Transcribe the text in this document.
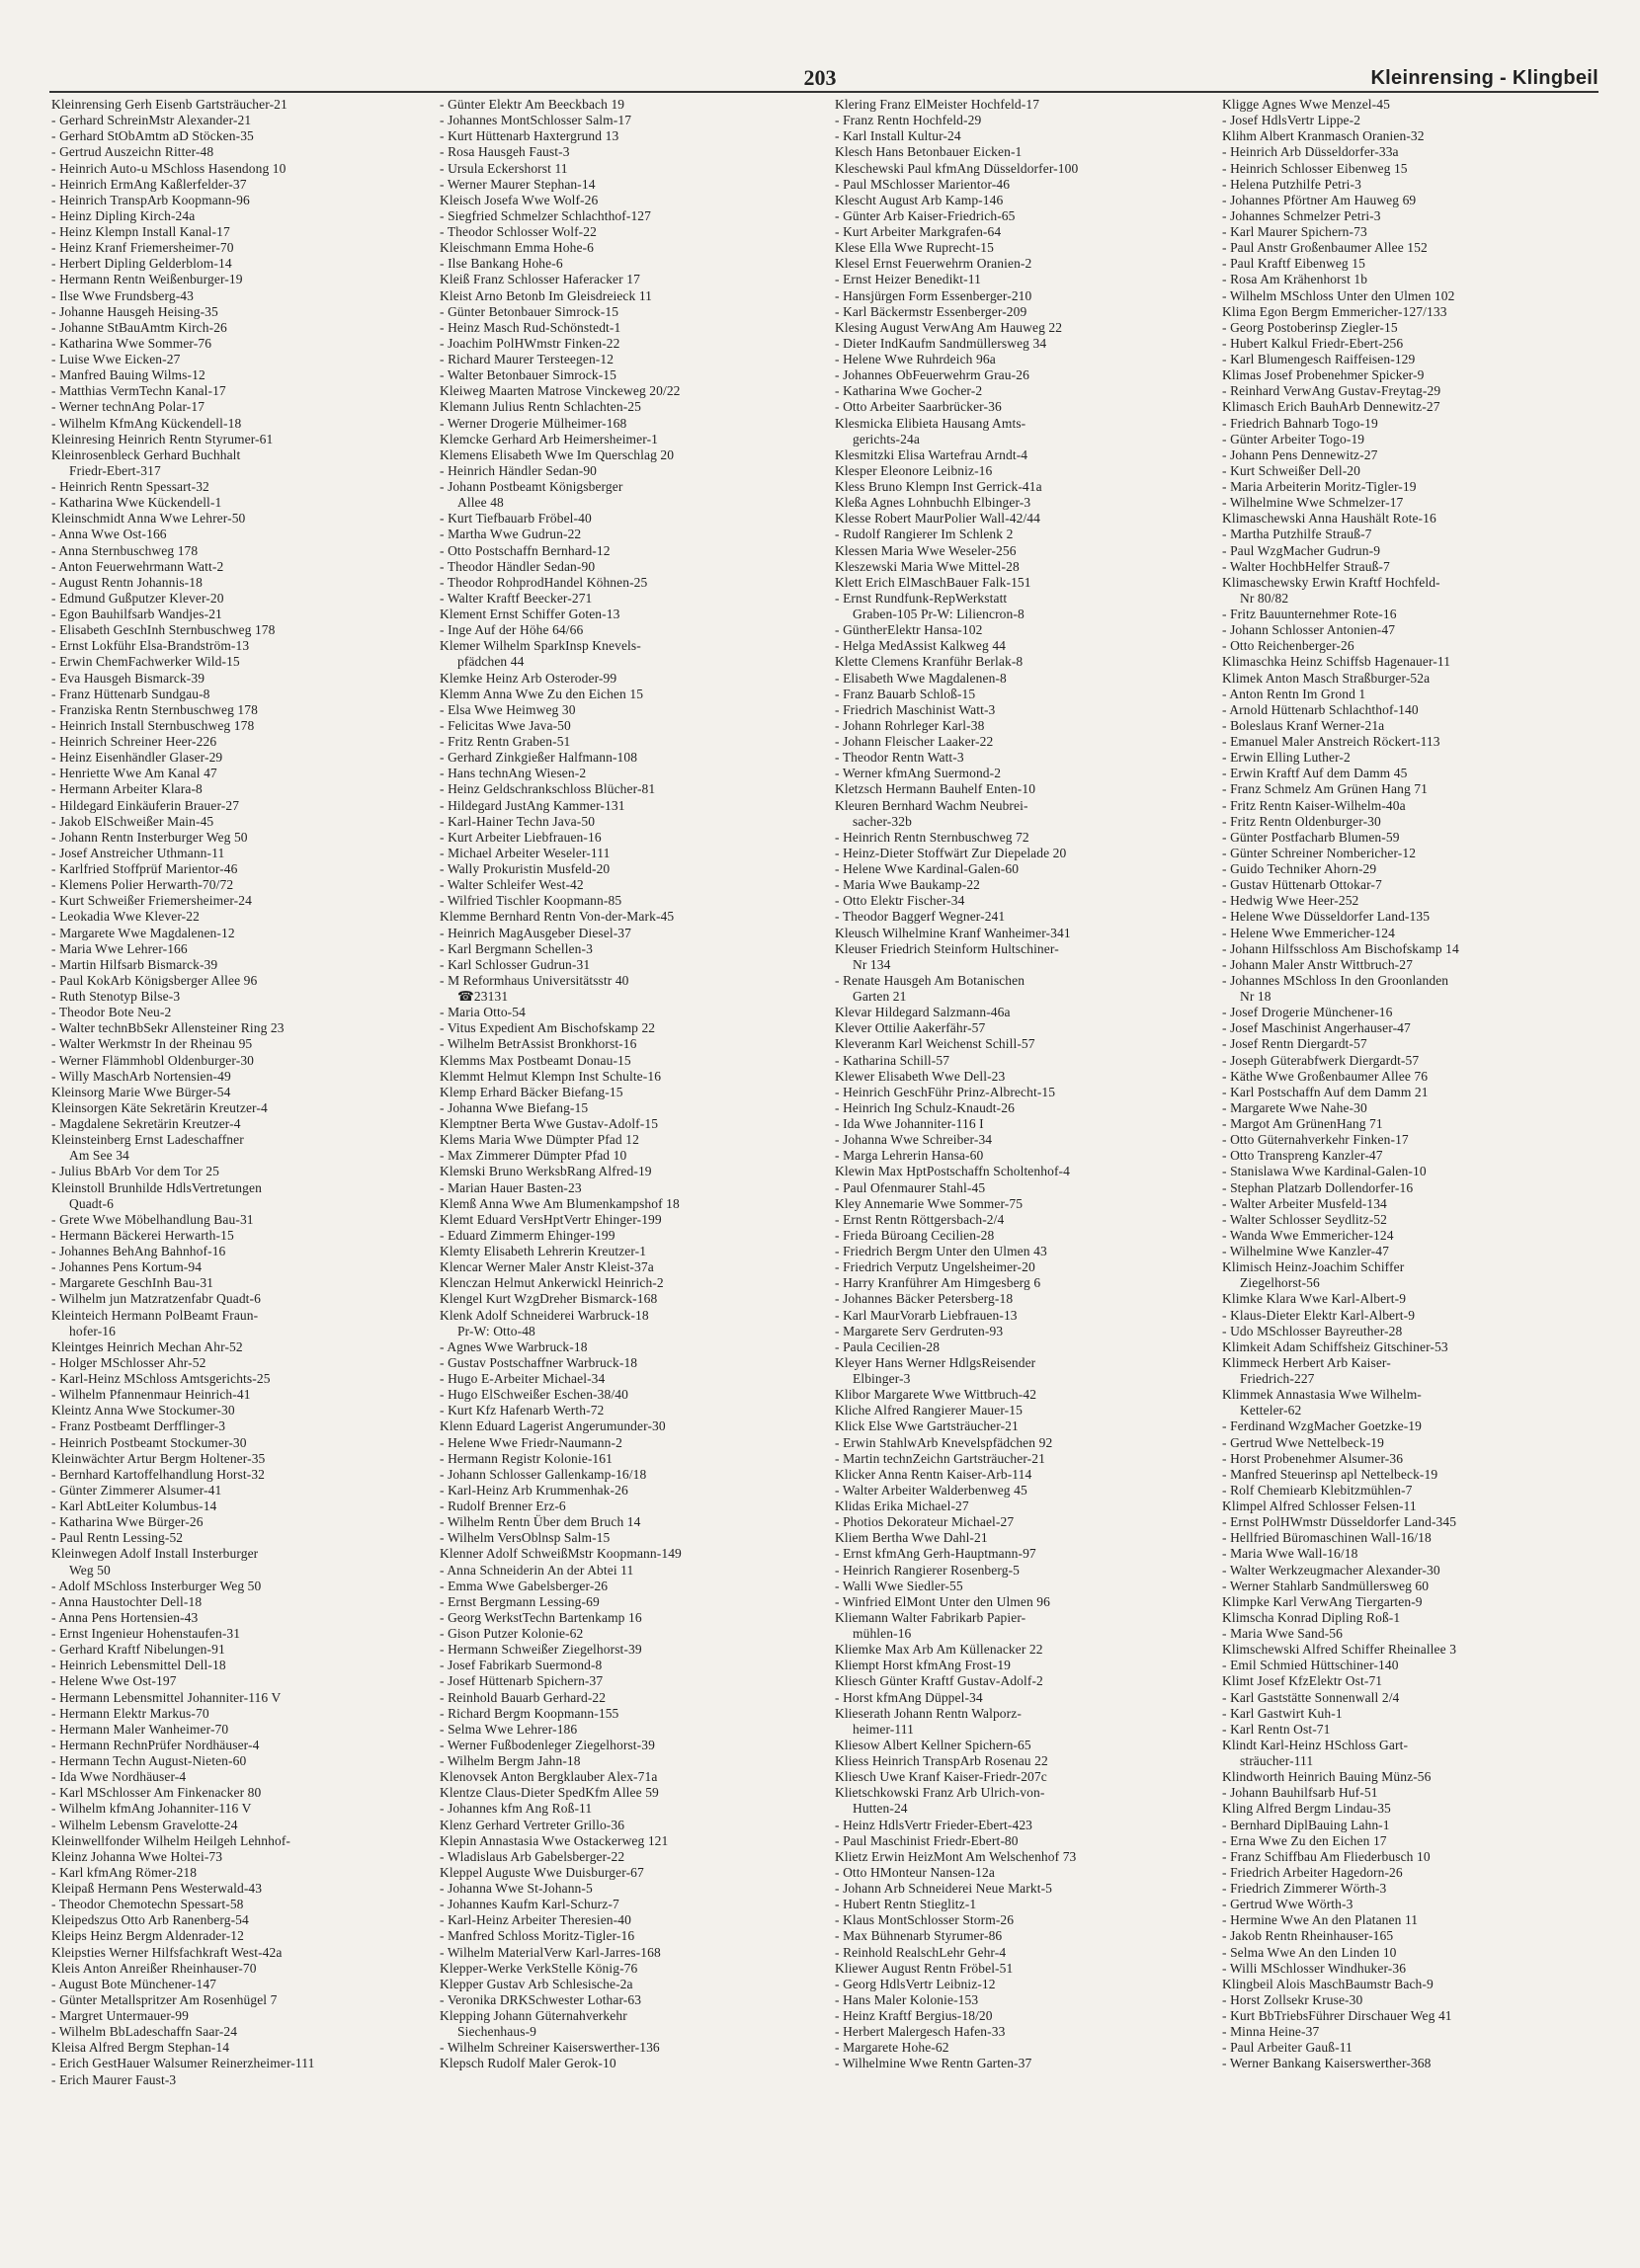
203	Kleinrensing - Klingbeil
Kleinrensing Gerh Eisenb Gartsträucher-21
- Gerhard SchreinMstr Alexander-21
- Gerhard StObAmtm aD Stöcken-35
- Gertrud Auszeichn Ritter-48
- Heinrich Auto-u MSchloss Hasendong 10
- Heinrich ErmAng Kaßlerfelder-37
- Heinrich TranspArb Koopmann-96
- Heinz Dipling Kirch-24a
- Heinz Klempn Install Kanal-17
- Heinz Kranf Friemersheimer-70
- Herbert Dipling Gelderblom-14
- Hermann Rentn Weißenburger-19
- Ilse Wwe Frundsberg-43
- Johanne Hausgeh Heising-35
- Johanne StBauAmtm Kirch-26
- Katharina Wwe Sommer-76
- Luise Wwe Eicken-27
- Manfred Bauing Wilms-12
- Matthias VermTechn Kanal-17
- Werner technAng Polar-17
- Wilhelm KfmAng Kückendell-18
Kleinresing Heinrich Rentn Styrumer-61
Kleinrosenbleck Gerhard Buchhalt
Friedr-Ebert-317
- Heinrich Rentn Spessart-32
- Katharina Wwe Kückendell-1
Kleinschmidt Anna Wwe Lehrer-50
- Anna Wwe Ost-166
- Anna Sternbuschweg 178
- Anton Feuerwehrmann Watt-2
- August Rentn Johannis-18
- Edmund Gußputzer Klever-20
- Egon Bauhilfsarb Wandjes-21
- Elisabeth GeschInh Sternbuschweg 178
- Ernst Lokführ Elsa-Brandström-13
- Erwin ChemFachwerker Wild-15
- Eva Hausgeh Bismarck-39
- Franz Hüttenarb Sundgau-8
- Franziska Rentn Sternbuschweg 178
- Heinrich Install Sternbuschweg 178
- Heinrich Schreiner Heer-226
- Heinz Eisenhändler Glaser-29
- Henriette Wwe Am Kanal 47
- Hermann Arbeiter Klara-8
- Hildegard Einkäuferin Brauer-27
- Jakob ElSchweißer Main-45
- Johann Rentn Insterburger Weg 50
- Josef Anstreicher Uthmann-11
- Karlfried Stoffprüf Marientor-46
- Klemens Polier Herwarth-70/72
- Kurt Schweißer Friemersheimer-24
- Leokadia Wwe Klever-22
- Margarete Wwe Magdalenen-12
- Maria Wwe Lehrer-166
- Martin Hilfsarb Bismarck-39
- Paul KokArb Königsberger Allee 96
- Ruth Stenotyp Bilse-3
- Theodor Bote Neu-2
- Walter technBbSekr Allensteiner Ring 23
- Walter Werkmstr In der Rheinau 95
- Werner Flämmhobl Oldenburger-30
- Willy MaschArb Nortensien-49
Kleinsorg Marie Wwe Bürger-54
Kleinsorgen Käte Sekretärin Kreutzer-4
- Magdalene Sekretärin Kreutzer-4
Kleinsteinberg Ernst Ladeschaffner
Am See 34
- Julius BbArb Vor dem Tor 25
Kleinstoll Brunhilde HdlsVertretungen
Quadt-6
- Grete Wwe Möbelhandlung Bau-31
- Hermann Bäckerei Herwarth-15
- Johannes BehAng Bahnhof-16
- Johannes Pens Kortum-94
- Margarete GeschInh Bau-31
- Wilhelm jun Matzratzenfabr Quadt-6
Kleinteich Hermann PolBeamt Fraun-
hofer-16
Kleintges Heinrich Mechan Ahr-52
- Holger MSchlosser Ahr-52
- Karl-Heinz MSchloss Amtsgerichts-25
- Wilhelm Pfannenmaur Heinrich-41
Kleintz Anna Wwe Stockumer-30
- Franz Postbeamt Derfflinger-3
- Heinrich Postbeamt Stockumer-30
Kleinwächter Artur Bergm Holtener-35
- Bernhard Kartoffelhandlung Horst-32
- Günter Zimmerer Alsumer-41
- Karl AbtLeiter Kolumbus-14
- Katharina Wwe Bürger-26
- Paul Rentn Lessing-52
Kleinwegen Adolf Install Insterburger
Weg 50
- Adolf MSchloss Insterburger Weg 50
- Anna Haustochter Dell-18
- Anna Pens Hortensien-43
- Ernst Ingenieur Hohenstaufen-31
- Gerhard Kraftf Nibelungen-91
- Heinrich Lebensmittel Dell-18
- Helene Wwe Ost-197
- Hermann Lebensmittel Johanniter-116 V
- Hermann Elektr Markus-70
- Hermann Maler Wanheimer-70
- Hermann RechnPrüfer Nordhäuser-4
- Hermann Techn August-Nieten-60
- Ida Wwe Nordhäuser-4
- Karl MSchlosser Am Finkenacker 80
- Wilhelm kfmAng Johanniter-116 V
- Wilhelm Lebensm Gravelotte-24
Kleinwellfonder Wilhelm Heilgeh Lehnhof-
Kleinz Johanna Wwe Holtei-73
- Karl kfmAng Römer-218
Kleipaß Hermann Pens Westerwald-43
- Theodor Chemotechn Spessart-58
Kleipedszus Otto Arb Ranenberg-54
Kleips Heinz Bergm Aldenrader-12
Kleipsties Werner Hilfsfachkraft West-42a
Kleis Anton Anreißer Rheinhauser-70
- August Bote Münchener-147
- Günter Metallspritzer Am Rosenhügel 7
- Margret Untermauer-99
- Wilhelm BbLadeschaffn Saar-24
Kleisa Alfred Bergm Stephan-14
- Erich GestHauer Walsumer Reinerzheimer-111
- Erich Maurer Faust-3
- Günter Elektr Am Beeckbach 19
- Johannes MontSchlosser Salm-17
- Kurt Hüttenarb Haxtergrund 13
- Rosa Hausgeh Faust-3
- Ursula Eckershorst 11
- Werner Maurer Stephan-14
Kleisch Josefa Wwe Wolf-26
- Siegfried Schmelzer Schlachthof-127
- Theodor Schlosser Wolf-22
Kleischmann Emma Hohe-6
- Ilse Bankang Hohe-6
Kleiß Franz Schlosser Haferacker 17
Kleist Arno Betonb Im Gleisdreieck 11
- Günter Betonbauer Simrock-15
- Heinz Masch Rud-Schönstedt-1
- Joachim PolHWmstr Finken-22
- Richard Maurer Tersteegen-12
- Walter Betonbauer Simrock-15
Kleiweg Maarten Matrose Vinckeweg 20/22
Klemann Julius Rentn Schlachten-25
- Werner Drogerie Mülheimer-168
Klemcke Gerhard Arb Heimersheimer-1
Klemens Elisabeth Wwe Im Querschlag 20
- Heinrich Händler Sedan-90
- Johann Postbeamt Königsberger
Allee 48
- Kurt Tiefbauarb Fröbel-40
- Martha Wwe Gudrun-22
- Otto Postschaffn Bernhard-12
- Theodor Händler Sedan-90
- Theodor RohprodHandel Köhnen-25
- Walter Kraftf Beecker-271
Klement Ernst Schiffer Goten-13
- Inge Auf der Höhe 64/66
Klemer Wilhelm SparkInsp Knevels-
pfädchen 44
Klemke Heinz Arb Osteroder-99
Klemm Anna Wwe Zu den Eichen 15
- Elsa Wwe Heimweg 30
- Felicitas Wwe Java-50
- Fritz Rentn Graben-51
- Gerhard Zinkgießer Halfmann-108
- Hans technAng Wiesen-2
- Heinz Geldschrankschloss Blücher-81
- Hildegard JustAng Kammer-131
- Karl-Hainer Techn Java-50
- Kurt Arbeiter Liebfrauen-16
- Michael Arbeiter Weseler-111
- Wally Prokuristin Musfeld-20
- Walter Schleifer West-42
- Wilfried Tischler Koopmann-85
Klemme Bernhard Rentn Von-der-Mark-45
- Heinrich MagAusgeber Diesel-37
- Karl Bergmann Schellen-3
- Karl Schlosser Gudrun-31
- M Reformhaus Universitätsstr 40
☎23131
- Maria Otto-54
- Vitus Expedient Am Bischofskamp 22
- Wilhelm BetrAssist Bronkhorst-16
Klemms Max Postbeamt Donau-15
Klemmt Helmut Klempn Inst Schulte-16
Klemp Erhard Bäcker Biefang-15
- Johanna Wwe Biefang-15
Klemptner Berta Wwe Gustav-Adolf-15
Klems Maria Wwe Dümpter Pfad 12
- Max Zimmerer Dümpter Pfad 10
Klemski Bruno WerksbRang Alfred-19
- Marian Hauer Basten-23
Klemß Anna Wwe Am Blumenkampshof 18
Klemt Eduard VersHptVertr Ehinger-199
- Eduard Zimmerm Ehinger-199
Klemty Elisabeth Lehrerin Kreutzer-1
Klencar Werner Maler Anstr Kleist-37a
Klenczan Helmut Ankerwickl Heinrich-2
Klengel Kurt WzgDreher Bismarck-168
Klenk Adolf Schneiderei Warbruck-18
Pr-W: Otto-48
- Agnes Wwe Warbruck-18
- Gustav Postschaffner Warbruck-18
- Hugo E-Arbeiter Michael-34
- Hugo ElSchweißer Eschen-38/40
- Kurt Kfz Hafenarb Werth-72
Klenn Eduard Lagerist Angerumunder-30
- Helene Wwe Friedr-Naumann-2
- Hermann Registr Kolonie-161
- Johann Schlosser Gallenkamp-16/18
- Karl-Heinz Arb Krummenhak-26
- Rudolf Brenner Erz-6
- Wilhelm Rentn Über dem Bruch 14
- Wilhelm VersOblnsp Salm-15
Klenner Adolf SchweißMstr Koopmann-149
- Anna Schneiderin An der Abtei 11
- Emma Wwe Gabelsberger-26
- Ernst Bergmann Lessing-69
- Georg WerkstTechn Bartenkamp 16
- Gison Putzer Kolonie-62
- Hermann Schweißer Ziegelhorst-39
- Josef Fabrikarb Suermond-8
- Josef Hüttenarb Spichern-37
- Reinhold Bauarb Gerhard-22
- Richard Bergm Koopmann-155
- Selma Wwe Lehrer-186
- Werner Fußbodenleger Ziegelhorst-39
- Wilhelm Bergm Jahn-18
Klenovsek Anton Bergklauber Alex-71a
Klentze Claus-Dieter SpedKfm Allee 59
- Johannes kfm Ang Roß-11
Klenz Gerhard Vertreter Grillo-36
Klepin Annastasia Wwe Ostackerweg 121
- Wladislaus Arb Gabelsberger-22
Kleppel Auguste Wwe Duisburger-67
- Johanna Wwe St-Johann-5
- Johannes Kaufm Karl-Schurz-7
- Karl-Heinz Arbeiter Theresien-40
- Manfred Schloss Moritz-Tigler-16
- Wilhelm MaterialVerw Karl-Jarres-168
Klepper-Werke VerkStelle König-76
Klepper Gustav Arb Schlesische-2a
- Veronika DRKSchwester Lothar-63
Klepping Johann Güternahverkehr
Siechenhaus-9
- Wilhelm Schreiner Kaiserswerther-136
Klepsch Rudolf Maler Gerok-10
Klering Franz ElMeister Hochfeld-17
- Franz Rentn Hochfeld-29
- Karl Install Kultur-24
Klesch Hans Betonbauer Eicken-1
Kleschewski Paul kfmAng Düsseldorfer-100
- Paul MSchlosser Marientor-46
Klescht August Arb Kamp-146
- Günter Arb Kaiser-Friedrich-65
- Kurt Arbeiter Markgrafen-64
Klese Ella Wwe Ruprecht-15
Klesel Ernst Feuerwehrm Oranien-2
- Ernst Heizer Benedikt-11
- Hansjürgen Form Essenberger-210
- Karl Bäckermstr Essenberger-209
Klesing August VerwAng Am Hauweg 22
- Dieter IndKaufm Sandmüllersweg 34
- Helene Wwe Ruhrdeich 96a
- Johannes ObFeuerwehrm Grau-26
- Katharina Wwe Gocher-2
- Otto Arbeiter Saarbrücker-36
Klesmicka Elibieta Hausang Amts-
gerichts-24a
Klesmitzki Elisa Wartefrau Arndt-4
Klesper Eleonore Leibniz-16
Kless Bruno Klempn Inst Gerrick-41a
Kleßa Agnes Lohnbuchh Elbinger-3
Klesse Robert MaurPolier Wall-42/44
- Rudolf Rangierer Im Schlenk 2
Klessen Maria Wwe Weseler-256
Kleszewski Maria Wwe Mittel-28
Klett Erich ElMaschBauer Falk-151
- Ernst Rundfunk-RepWerkstatt
Graben-105 Pr-W: Liliencron-8
- GüntherElektr Hansa-102
- Helga MedAssist Kalkweg 44
Klette Clemens Kranführ Berlak-8
- Elisabeth Wwe Magdalenen-8
- Franz Bauarb Schloß-15
- Friedrich Maschinist Watt-3
- Johann Rohrleger Karl-38
- Johann Fleischer Laaker-22
- Theodor Rentn Watt-3
- Werner kfmAng Suermond-2
Kletzsch Hermann Bauhelf Enten-10
Kleuren Bernhard Wachm Neubrei-
sacher-32b
- Heinrich Rentn Sternbuschweg 72
- Heinz-Dieter Stoffwärt Zur Diepelade 20
- Helene Wwe Kardinal-Galen-60
- Maria Wwe Baukamp-22
- Otto Elektr Fischer-34
- Theodor Baggerf Wegner-241
Kleusch Wilhelmine Kranf Wanheimer-341
Kleuser Friedrich Steinform Hultschiner-
Nr 134
- Renate Hausgeh Am Botanischen
Garten 21
Klevar Hildegard Salzmann-46a
Klever Ottilie Aakerfähr-57
Kleveranm Karl Weichenst Schill-57
- Katharina Schill-57
Klewer Elisabeth Wwe Dell-23
- Heinrich GeschFühr Prinz-Albrecht-15
- Heinrich Ing Schulz-Knaudt-26
- Ida Wwe Johanniter-116 I
- Johanna Wwe Schreiber-34
- Marga Lehrerin Hansa-60
Klewin Max HptPostschaffn Scholtenhof-4
- Paul Ofenmaurer Stahl-45
Kley Annemarie Wwe Sommer-75
- Ernst Rentn Röttgersbach-2/4
- Frieda Büroang Cecilien-28
- Friedrich Bergm Unter den Ulmen 43
- Friedrich Verputz Ungelsheimer-20
- Harry Kranführer Am Himgesberg 6
- Johannes Bäcker Petersberg-18
- Karl MaurVorarb Liebfrauen-13
- Margarete Serv Gerdruten-93
- Paula Cecilien-28
Kleyer Hans Werner HdlgsReisender
Elbinger-3
Klibor Margarete Wwe Wittbruch-42
Kliche Alfred Rangierer Mauer-15
Klick Else Wwe Gartsträucher-21
- Erwin StahlwArb Knevelspfädchen 92
- Martin technZeichn Gartsträucher-21
Klicker Anna Rentn Kaiser-Arb-114
- Walter Arbeiter Walderbenweg 45
Klidas Erika Michael-27
- Photios Dekorateur Michael-27
Kliem Bertha Wwe Dahl-21
- Ernst kfmAng Gerh-Hauptmann-97
- Heinrich Rangierer Rosenberg-5
- Walli Wwe Siedler-55
- Winfried ElMont Unter den Ulmen 96
Kliemann Walter Fabrikarb Papier-
mühlen-16
Kliemke Max Arb Am Küllenacker 22
Kliempt Horst kfmAng Frost-19
Kliesch Günter Kraftf Gustav-Adolf-2
- Horst kfmAng Düppel-34
Klieserath Johann Rentn Walporz-
heimer-111
Kliesow Albert Kellner Spichern-65
Kliess Heinrich TranspArb Rosenau 22
Kliesch Uwe Kranf Kaiser-Friedr-207c
Klietschkowski Franz Arb Ulrich-von-
Hutten-24
- Heinz HdlsVertr Frieder-Ebert-423
- Paul Maschinist Friedr-Ebert-80
Klietz Erwin HeizMont Am Welschenhof 73
- Otto HMonteur Nansen-12a
- Johann Arb Schneiderei Neue Markt-5
- Hubert Rentn Stieglitz-1
- Klaus MontSchlosser Storm-26
- Max Bühnenarb Styrumer-86
- Reinhold RealschLehr Gehr-4
Kliewer August Rentn Fröbel-51
- Georg HdlsVertr Leibniz-12
- Hans Maler Kolonie-153
- Heinz Kraftf Bergius-18/20
- Herbert Malergesch Hafen-33
- Margarete Hohe-62
- Wilhelmine Wwe Rentn Garten-37
Kligge Agnes Wwe Menzel-45
- Josef HdlsVertr Lippe-2
Klihm Albert Kranmasch Oranien-32
- Heinrich Arb Düsseldorfer-33a
- Heinrich Schlosser Eibenweg 15
- Helena Putzhilfe Petri-3
- Johannes Pförtner Am Hauweg 69
- Johannes Schmelzer Petri-3
- Karl Maurer Spichern-73
- Paul Anstr Großenbaumer Allee 152
- Paul Kraftf Eibenweg 15
- Rosa Am Krähenhorst 1b
- Wilhelm MSchloss Unter den Ulmen 102
Klima Egon Bergm Emmericher-127/133
- Georg Postoberinsp Ziegler-15
- Hubert Kalkul Friedr-Ebert-256
- Karl Blumengesch Raiffeisen-129
Klimas Josef Probenehmer Spicker-9
- Reinhard VerwAng Gustav-Freytag-29
Klimasch Erich BauhArb Dennewitz-27
- Friedrich Bahnarb Togo-19
- Günter Arbeiter Togo-19
- Johann Pens Dennewitz-27
- Kurt Schweißer Dell-20
- Maria Arbeiterin Moritz-Tigler-19
- Wilhelmine Wwe Schmelzer-17
Klimaschewski Anna Haushält Rote-16
- Martha Putzhilfe Strauß-7
- Paul WzgMacher Gudrun-9
- Walter HochbHelfer Strauß-7
Klimaschewsky Erwin Kraftf Hochfeld-
Nr 80/82
- Fritz Bauunternehmer Rote-16
- Johann Schlosser Antonien-47
- Otto Reichenberger-26
Klimaschka Heinz Schiffsb Hagenauer-11
Klimek Anton Masch Straßburger-52a
- Anton Rentn Im Grond 1
- Arnold Hüttenarb Schlachthof-140
- Boleslaus Kranf Werner-21a
- Emanuel Maler Anstreich Röckert-113
- Erwin Elling Luther-2
- Erwin Kraftf Auf dem Damm 45
- Franz Schmelz Am Grünen Hang 71
- Fritz Rentn Kaiser-Wilhelm-40a
- Fritz Rentn Oldenburger-30
- Günter Postfacharb Blumen-59
- Günter Schreiner Nombericher-12
- Guido Techniker Ahorn-29
- Gustav Hüttenarb Ottokar-7
- Hedwig Wwe Heer-252
- Helene Wwe Düsseldorfer Land-135
- Helene Wwe Emmericher-124
- Johann Hilfsschloss Am Bischofskamp 14
- Johann Maler Anstr Wittbruch-27
- Johannes MSchloss In den Groonlanden
Nr 18
- Josef Drogerie Münchener-16
- Josef Maschinist Angerhauser-47
- Josef Rentn Diergardt-57
- Joseph Güterabfwerk Diergardt-57
- Käthe Wwe Großenbaumer Allee 76
- Karl Postschaffn Auf dem Damm 21
- Margarete Wwe Nahe-30
- Margot Am GrünenHang 71
- Otto Güternahverkehr Finken-17
- Otto Transpreng Kanzler-47
- Stanislawa Wwe Kardinal-Galen-10
- Stephan Platzarb Dollendorfer-16
- Walter Arbeiter Musfeld-134
- Walter Schlosser Seydlitz-52
- Wanda Wwe Emmericher-124
- Wilhelmine Wwe Kanzler-47
Klimisch Heinz-Joachim Schiffer
Ziegelhorst-56
Klimke Klara Wwe Karl-Albert-9
- Klaus-Dieter Elektr Karl-Albert-9
- Udo MSchlosser Bayreuther-28
Klimkeit Adam Schiffsheiz Gitschiner-53
Klimmeck Herbert Arb Kaiser-
Friedrich-227
Klimmek Annastasia Wwe Wilhelm-
Ketteler-62
- Ferdinand WzgMacher Goetzke-19
- Gertrud Wwe Nettelbeck-19
- Horst Probenehmer Alsumer-36
- Manfred Steuerinsp apl Nettelbeck-19
- Rolf Chemiearb Klebitzmühlen-7
Klimpel Alfred Schlosser Felsen-11
- Ernst PolHWmstr Düsseldorfer Land-345
- Hellfried Büromaschinen Wall-16/18
- Maria Wwe Wall-16/18
- Walter Werkzeugmacher Alexander-30
- Werner Stahlarb Sandmüllersweg 60
Klimpke Karl VerwAng Tiergarten-9
Klimscha Konrad Dipling Roß-1
- Maria Wwe Sand-56
Klimschewski Alfred Schiffer Rheinallee 3
- Emil Schmied Hüttschiner-140
Klimt Josef KfzElektr Ost-71
- Karl Gaststätte Sonnenwall 2/4
- Karl Gastwirt Kuh-1
- Karl Rentn Ost-71
Klindt Karl-Heinz HSchloss Gart-
sträucher-111
Klindworth Heinrich Bauing Münz-56
- Johann Bauhilfsarb Huf-51
Kling Alfred Bergm Lindau-35
- Bernhard DiplBauing Lahn-1
- Erna Wwe Zu den Eichen 17
- Franz Schiffbau Am Fliederbusch 10
- Friedrich Arbeiter Hagedorn-26
- Friedrich Zimmerer Wörth-3
- Gertrud Wwe Wörth-3
- Hermine Wwe An den Platanen 11
- Jakob Rentn Rheinhauser-165
- Selma Wwe An den Linden 10
- Willi MSchlosser Windhuker-36
Klingbeil Alois MaschBaumstr Bach-9
- Horst Zollsekr Kruse-30
- Kurt BbTriebsFührer Dirschauer Weg 41
- Minna Heine-37
- Paul Arbeiter Gauß-11
- Werner Bankang Kaiserswerther-368
